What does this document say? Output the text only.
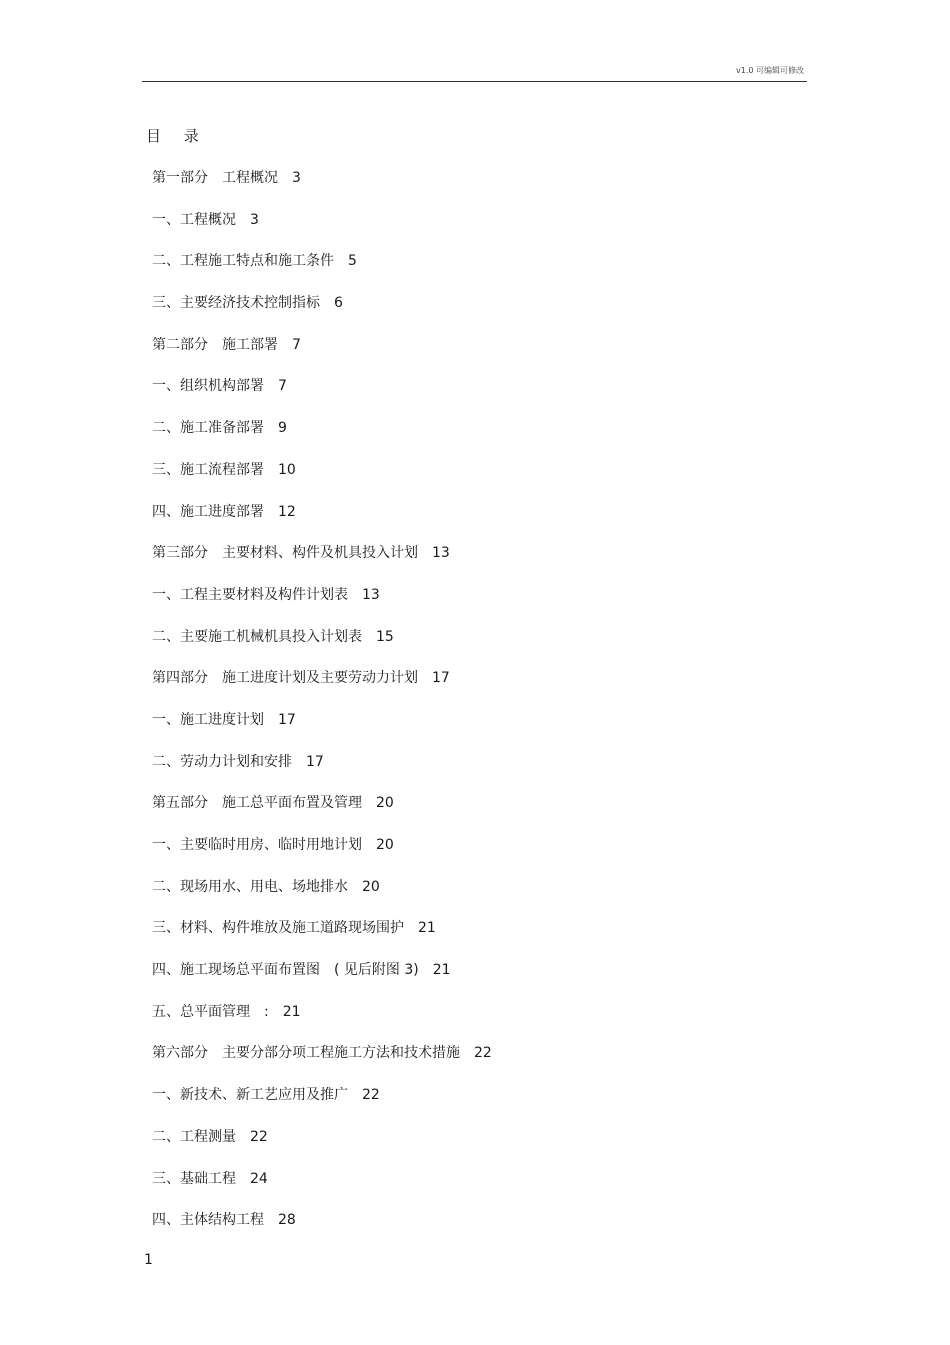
v1.0 可编辑可修改
目 录
第一部分　工程概况 3
一、工程概况 3
二、工程施工特点和施工条件 5
三、主要经济技术控制指标 6
第二部分　施工部署 7
一、组织机构部署 7
二、施工准备部署 9
三、施工流程部署 10
四、施工进度部署 12
第三部分　主要材料、构件及机具投入计划 13
一、工程主要材料及构件计划表 13
二、主要施工机械机具投入计划表 15
第四部分　施工进度计划及主要劳动力计划 17
一、施工进度计划 17
二、劳动力计划和安排 17
第五部分　施工总平面布置及管理 20
一、主要临时用房、临时用地计划 20
二、现场用水、用电、场地排水 20
三、材料、构件堆放及施工道路现场围护 21
四、施工现场总平面布置图　( 见后附图 3) 21
五、总平面管理　: 21
第六部分　主要分部分项工程施工方法和技术措施 22
一、新技术、新工艺应用及推广 22
二、工程测量 22
三、基础工程 24
四、主体结构工程 28
1
